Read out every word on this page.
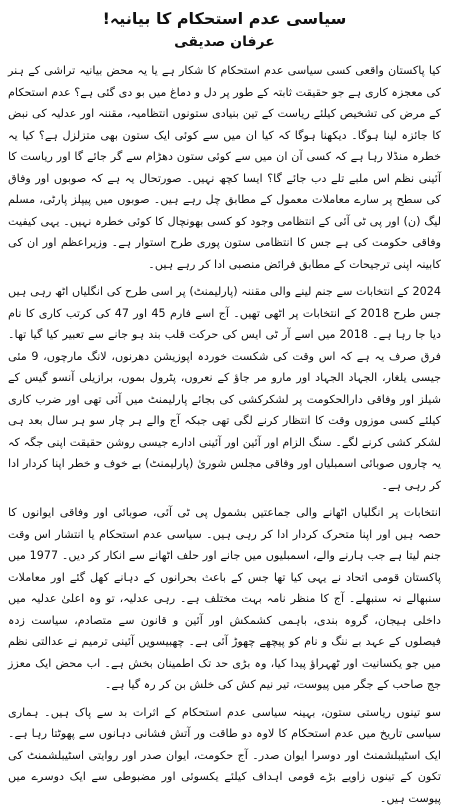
سیاسی عدم استحکام کا بیانیہ!
عرفان صدیقی

کیا پاکستان واقعی کسی سیاسی عدم استحکام کا شکار ہے یا یہ محض بیانیہ تراشی کے ہنر کی معجزہ کاری ہے جو حقیقت ثابتہ کے طور پر دل و دماغ میں بو دی گئی ہے؟ عدم استحکام کے مرض کی تشخیص کیلئے ریاست کے تین بنیادی ستونوں انتظامیہ، مقننہ اور عدلیہ کی نبض کا جائزہ لینا ہوگا۔ دیکھنا ہوگا کہ کیا ان میں سے کوئی ایک ستون بھی متزلزل ہے؟ کیا یہ خطرہ منڈلا رہا ہے کہ کسی آن ان میں سے کوئی ستون دھڑام سے گر جائے گا اور ریاست کا آئینی نظم اس ملبے تلے دب جائے گا؟ ایسا کچھ نہیں۔ صورتحال یہ ہے کہ صوبوں اور وفاق کی سطح پر سارے معاملات معمول کے مطابق چل رہے ہیں۔ صوبوں میں پیپلز پارٹی، مسلم لیگ (ن) اور پی ٹی آئی کے انتظامی وجود کو کسی بھونچال کا کوئی خطرہ نہیں۔ یہی کیفیت وفاقی حکومت کی ہے جس کا انتظامی ستون پوری طرح استوار ہے۔ وزیراعظم اور ان کی کابینہ اپنی ترجیحات کے مطابق فرائض منصبی ادا کر رہے ہیں۔

2024 کے انتخابات سے جنم لینے والی مقننہ (پارلیمنٹ) پر اسی طرح کی انگلیاں اٹھ رہی ہیں جس طرح 2018 کے انتخابات پر اٹھی تھیں۔ آج اسے فارم 45 اور 47 کی کرتب کاری کا نام دیا جا رہا ہے۔ 2018 میں اسے آر ٹی ایس کی حرکت قلب بند ہو جانے سے تعبیر کیا گیا تھا۔ فرق صرف یہ ہے کہ اس وقت کی شکست خوردہ اپوزیشن دھرنوں، لانگ مارچوں، 9 مئی جیسی یلغار، الجہاد الجہاد اور مارو مر جاؤ کے نعروں، پٹرول بموں، برازیلی آنسو گیس کے شیلز اور وفاقی دارالحکومت پر لشکرکشی کی بجائے پارلیمنٹ میں آئی تھی اور ضرب کاری کیلئے کسی موزوں وقت کا انتظار کرنے لگی تھی جبکہ آج والے ہر چار سو ہر سال بعد ہی لشکر کشی کرنے لگے۔ سنگ الزام اور آئین اور آئینی ادارے جیسی روشن حقیقت اپنی جگہ کہ یہ چاروں صوبائی اسمبلیاں اور وفاقی مجلس شوریٰ (پارلیمنٹ) بے خوف و خطر اپنا کردار ادا کر رہی ہے۔

انتخابات پر انگلیاں اٹھانے والی جماعتیں بشمول پی ٹی آئی، صوبائی اور وفاقی ایوانوں کا حصہ ہیں اور اپنا متحرک کردار ادا کر رہی ہیں۔ سیاسی عدم استحکام یا انتشار اس وقت جنم لیتا ہے جب ہارنے والے، اسمبلیوں میں جانے اور حلف اٹھانے سے انکار کر دیں۔ 1977 میں پاکستان قومی اتحاد نے یہی کیا تھا جس کے باعث بحرانوں کے دہانے کھل گئے اور معاملات سنبھالے نہ سنبھلے۔ آج کا منظر نامہ بہت مختلف ہے۔ رہی عدلیہ، تو وہ اعلیٰ عدلیہ میں داخلی ہیجان، گروہ بندی، باہمی کشمکش اور آئین و قانون سے متصادم، سیاست زدہ فیصلوں کے عہد بے ننگ و نام کو پیچھے چھوڑ آئی ہے۔ چھبیسویں آئینی ترمیم نے عدالتی نظم میں جو یکسانیت اور ٹھہراؤ پیدا کیا، وہ بڑی حد تک اطمینان بخش ہے۔ اب محض ایک معزز جج صاحب کے جگر میں پیوست، تیر نیم کش کی خلش بن کر رہ گیا ہے۔

سو تینوں ریاستی ستون، بہینہ سیاسی عدم استحکام کے اثرات بد سے پاک ہیں۔ ہماری سیاسی تاریخ میں عدم استحکام کا لاوہ دو طاقت ور آتش فشانی دہانوں سے پھوٹتا رہا ہے۔ ایک اسٹیبلشمنٹ اور دوسرا ایوان صدر۔ آج حکومت، ایوان صدر اور روایتی اسٹیبلشمنٹ کی تکون کے تینوں زاویے بڑے قومی اہداف کیلئے یکسوئی اور مضبوطی سے ایک دوسرے میں پیوست ہیں۔
